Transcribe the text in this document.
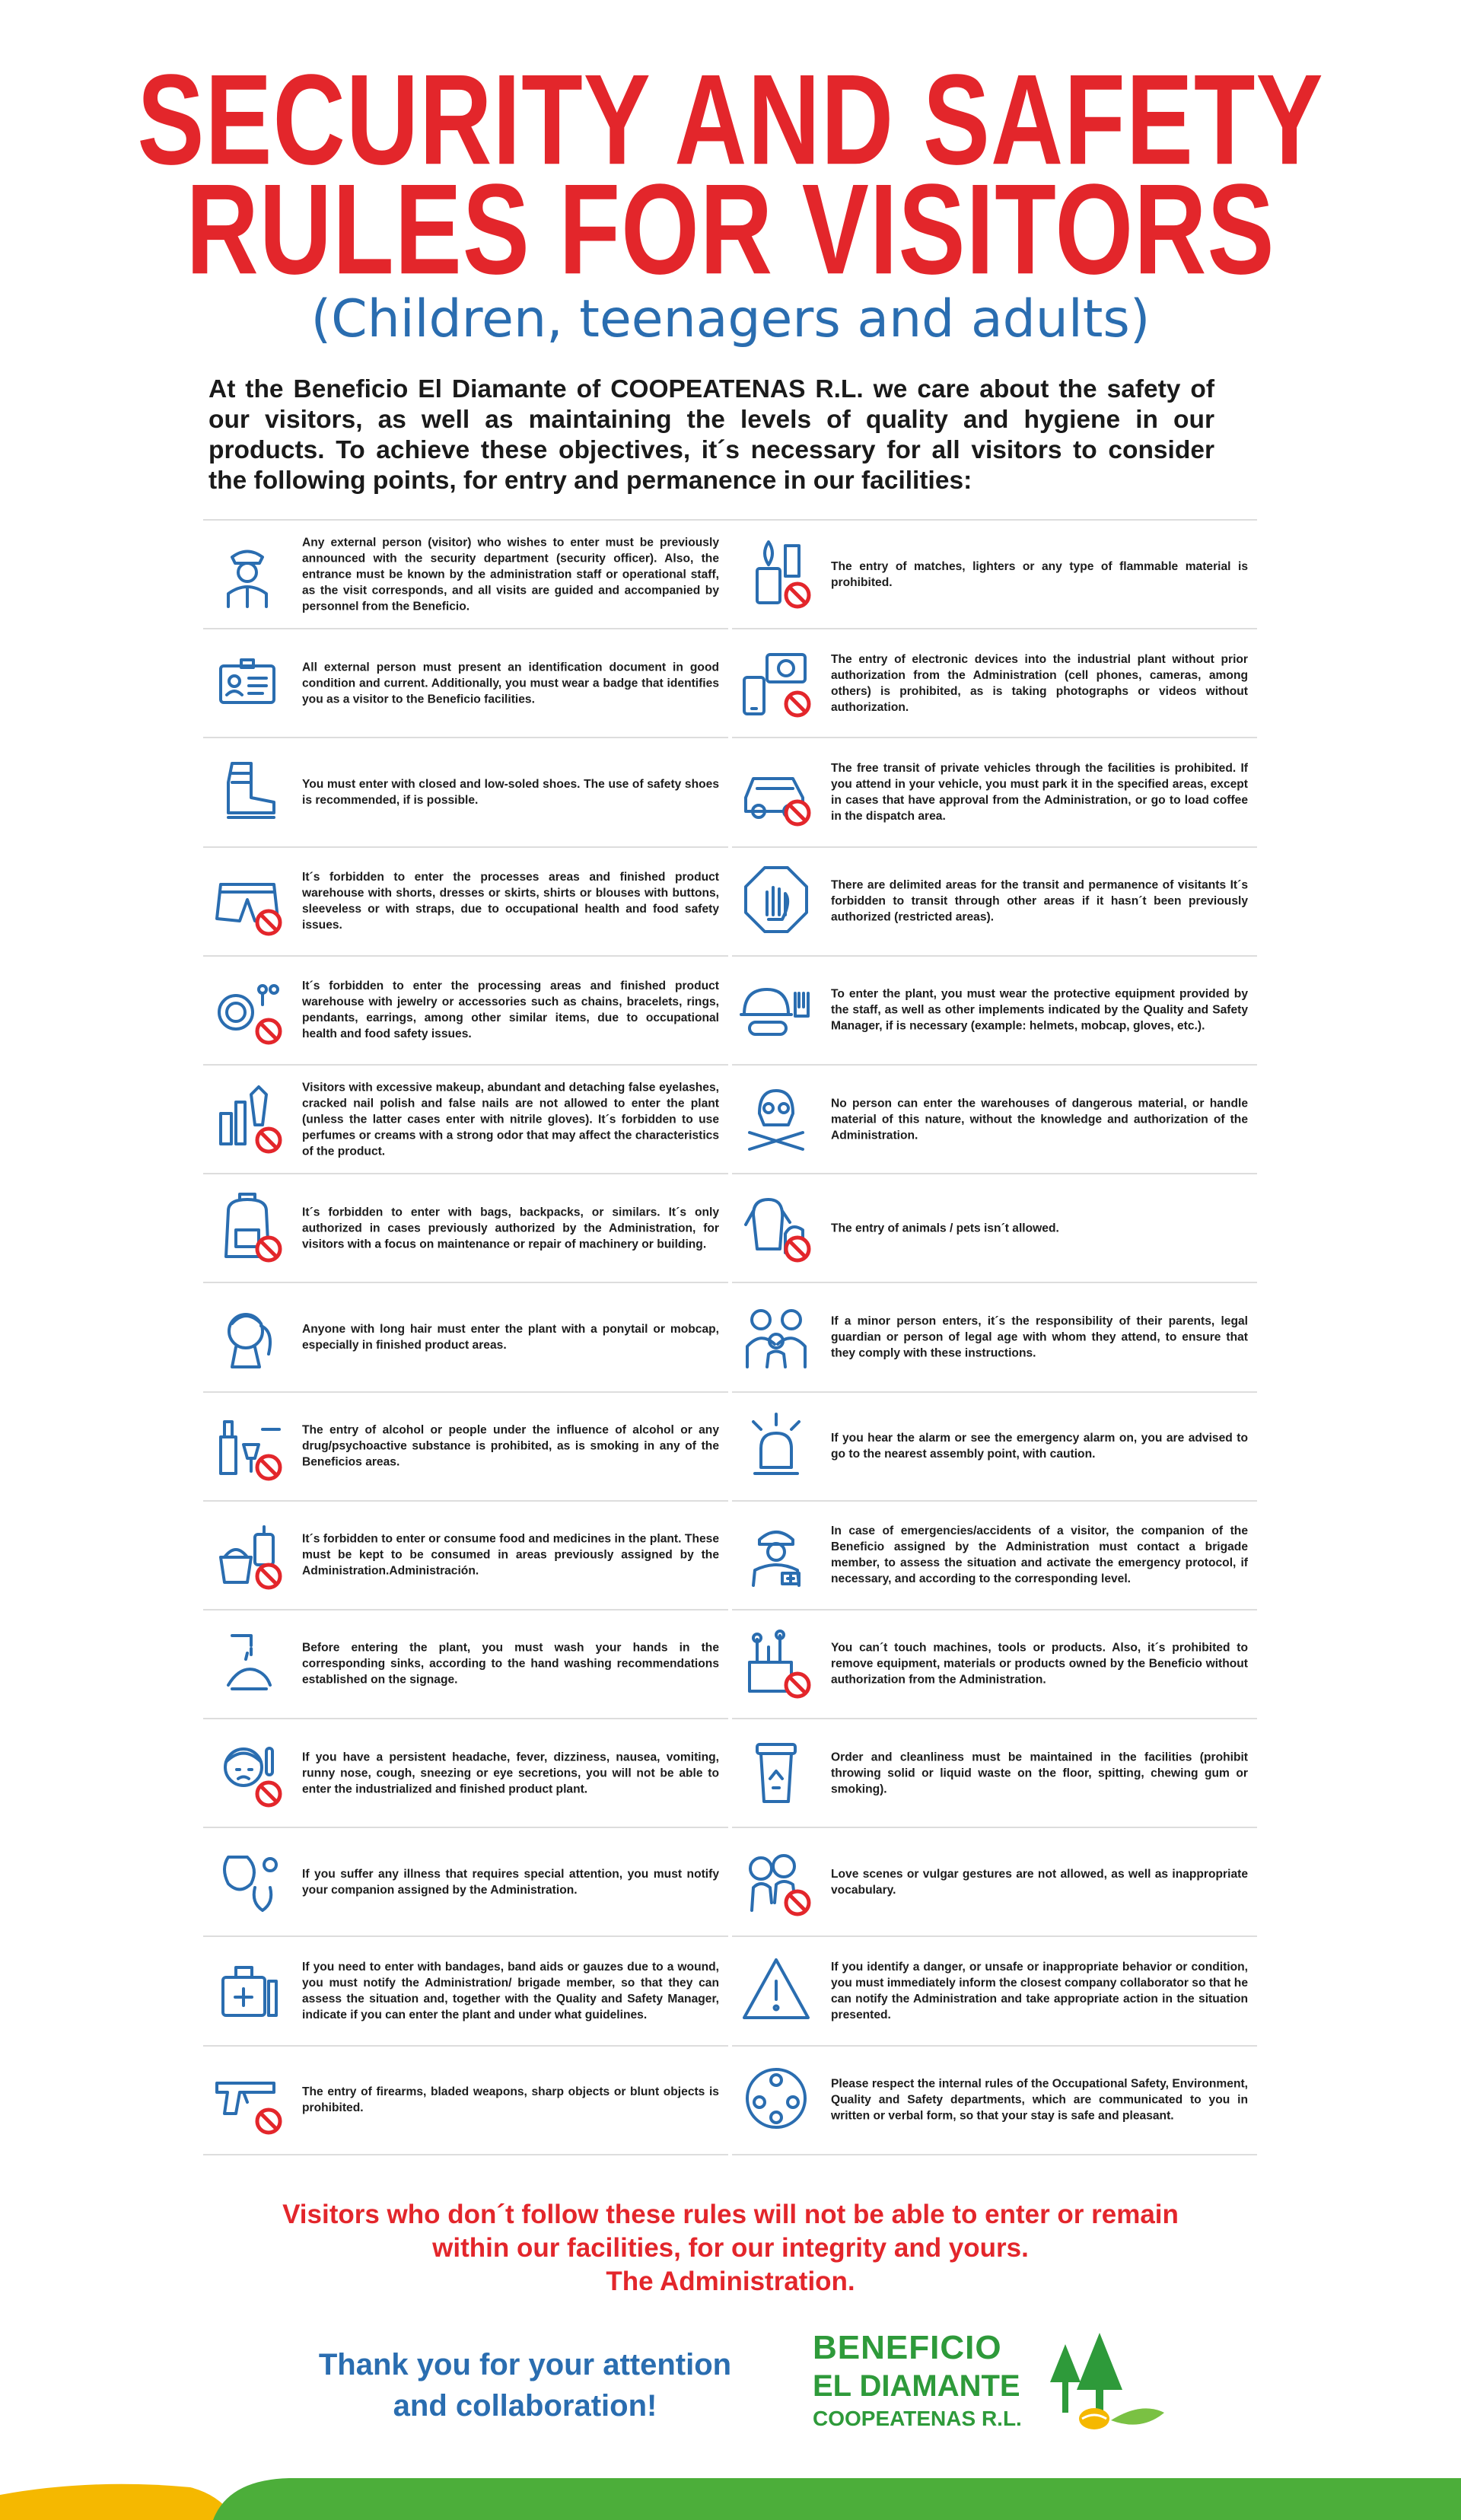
SECURITY AND SAFETY
RULES FOR VISITORS

(Children, teenagers and adults)

At the Beneficio El Diamante of COOPEATENAS R.L. we care about the safety of our visitors, as well as maintaining the levels of quality and hygiene in our products. To achieve these objectives, it´s necessary for all visitors to consider the following points, for entry and permanence in our facilities:

Any external person (visitor) who wishes to enter must be previously announced with the security department (security officer). Also, the entrance must be known by the administration staff or operational staff, as the visit corresponds, and all visits are guided and accompanied by personnel from the Beneficio.
All external person must present an identification document in good condition and current. Additionally, you must wear a badge that identifies you as a visitor to the Beneficio facilities.
You must enter with closed and low-soled shoes. The use of safety shoes is recommended, if is possible.
It´s forbidden to enter the processes areas and finished product warehouse with shorts, dresses or skirts, shirts or blouses with buttons, sleeveless or with straps, due to occupational health and food safety issues.
It´s forbidden to enter the processing areas and finished product warehouse with jewelry or accessories such as chains, bracelets, rings, pendants, earrings, among other similar items, due to occupational health and food safety issues.
Visitors with excessive makeup, abundant and detaching false eyelashes, cracked nail polish and false nails are not allowed to enter the plant (unless the latter cases enter with nitrile gloves). It´s forbidden to use perfumes or creams with a strong odor that may affect the characteristics of the product.
It´s forbidden to enter with bags, backpacks, or similars. It´s only authorized in cases previously authorized by the Administration, for visitors with a focus on maintenance or repair of machinery or building.
Anyone with long hair must enter the plant with a ponytail or mobcap, especially in finished product areas.
The entry of alcohol or people under the influence of alcohol or any drug/psychoactive substance is prohibited, as is smoking in any of the Beneficios areas.
It´s forbidden to enter or consume food and medicines in the plant. These must be kept to be consumed in areas previously assigned by the Administration.Administración.
Before entering the plant, you must wash your hands in the corresponding sinks, according to the hand washing recommendations established on the signage.
If you have a persistent headache, fever, dizziness, nausea, vomiting, runny nose, cough, sneezing or eye secretions, you will not be able to enter the industrialized and finished product plant.
If you suffer any illness that requires special attention, you must notify your companion assigned by the Administration.
If you need to enter with bandages, band aids or gauzes due to a wound, you must notify the Administration/ brigade member, so that they can assess the situation and, together with the Quality and Safety Manager, indicate if you can enter the plant and under what guidelines.
The entry of firearms, bladed weapons, sharp objects or blunt objects is prohibited.
The entry of matches, lighters or any type of flammable material is prohibited.
The entry of electronic devices into the industrial plant without prior authorization from the Administration (cell phones, cameras, among others) is prohibited, as is taking photographs or videos without authorization.
The free transit of private vehicles through the facilities is prohibited. If you attend in your vehicle, you must park it in the specified areas, except in cases that have approval from the Administration, or go to load coffee in the dispatch area.
There are delimited areas for the transit and permanence of visitants It´s forbidden to transit through other areas if it hasn´t been previously authorized (restricted areas).
To enter the plant, you must wear the protective equipment provided by the staff, as well as other implements indicated by the Quality and Safety Manager, if is necessary (example: helmets, mobcap, gloves, etc.).
No person can enter the warehouses of dangerous material, or handle material of this nature, without the knowledge and authorization of the Administration.
The entry of animals / pets isn´t allowed.
If a minor person enters, it´s the responsibility of their parents, legal guardian or person of legal age with whom they attend, to ensure that they comply with these instructions.
If you hear the alarm or see the emergency alarm on, you are advised to go to the nearest assembly point, with caution.
In case of emergencies/accidents of a visitor, the companion of the Beneficio assigned by the Administration must contact a brigade member, to assess the situation and activate the emergency protocol, if necessary, and according to the corresponding level.
You can´t touch machines, tools or products. Also, it´s prohibited to remove equipment, materials or products owned by the Beneficio without authorization from the Administration.
Order and cleanliness must be maintained in the facilities (prohibit throwing solid or liquid waste on the floor, spitting, chewing gum or smoking).
Love scenes or vulgar gestures are not allowed, as well as inappropriate vocabulary.
If you identify a danger, or unsafe or inappropriate behavior or condition, you must immediately inform the closest company collaborator so that he can notify the Administration and take appropriate action in the situation presented.
Please respect the internal rules of the Occupational Safety, Environment, Quality and Safety departments, which are communicated to you in written or verbal form, so that your stay is safe and pleasant.
Visitors who don´t follow these rules will not be able to enter or remain
within our facilities, for our integrity and yours.
The Administration.
Thank you for your attention
and collaboration!
BENEFICIO
EL DIAMANTE
COOPEATENAS R.L.
